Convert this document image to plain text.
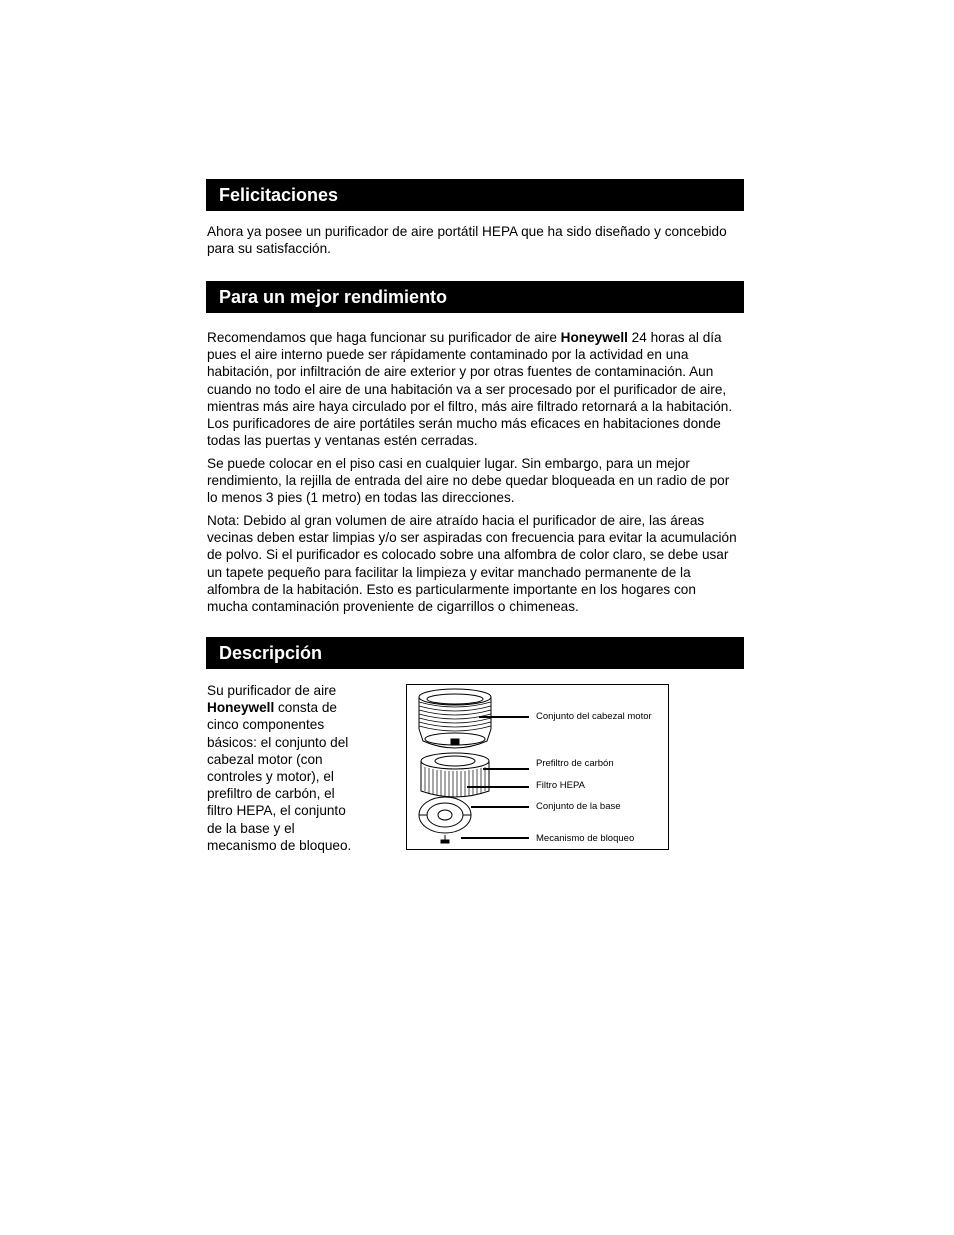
Felicitaciones

Ahora ya posee un purificador de aire portátil HEPA que ha sido diseñado y concebido para su satisfacción.

Para un mejor rendimiento

Recomendamos que haga funcionar su purificador de aire Honeywell 24 horas al día pues el aire interno puede ser rápidamente contaminado por la actividad en una habitación, por infiltración de aire exterior y por otras fuentes de contaminación. Aun cuando no todo el aire de una habitación va a ser procesado por el purificador de aire, mientras más aire haya circulado por el filtro, más aire filtrado retornará a la habitación. Los purificadores de aire portátiles serán mucho más eficaces en habitaciones donde todas las puertas y ventanas estén cerradas.

Se puede colocar en el piso casi en cualquier lugar. Sin embargo, para un mejor rendimiento, la rejilla de entrada del aire no debe quedar bloqueada en un radio de por lo menos 3 pies (1 metro) en todas las direcciones.

Nota: Debido al gran volumen de aire atraído hacia el purificador de aire, las áreas vecinas deben estar limpias y/o ser aspiradas con frecuencia para evitar la acumulación de polvo. Si el purificador es colocado sobre una alfombra de color claro, se debe usar un tapete pequeño para facilitar la limpieza y evitar manchado permanente de la alfombra de la habitación. Esto es particularmente importante en los hogares con mucha contaminación proveniente de cigarrillos o chimeneas.

Descripción
Su purificador de aire Honeywell consta de cinco componentes básicos: el conjunto del cabezal motor (con controles y motor), el prefiltro de carbón, el filtro HEPA, el conjunto de la base y el mecanismo de bloqueo.
Conjunto del cabezal motor
Prefiltro de carbón
Filtro HEPA
Conjunto de la base
Mecanismo de bloqueo
